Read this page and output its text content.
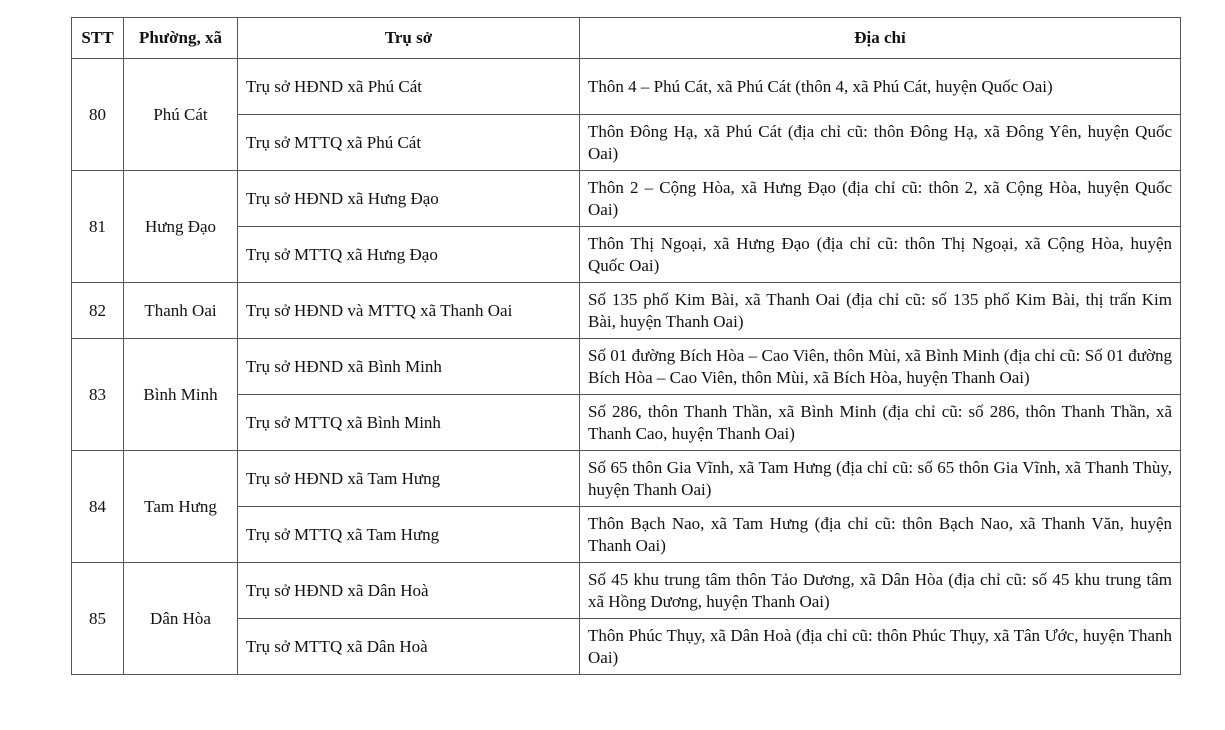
STT	Phường, xã	Trụ sở	Địa chỉ
80	Phú Cát	Trụ sở HĐND xã Phú Cát	Thôn 4 – Phú Cát, xã Phú Cát (thôn 4, xã Phú Cát, huyện Quốc Oai)
		Trụ sở MTTQ xã Phú Cát	Thôn Đông Hạ, xã Phú Cát (địa chỉ cũ: thôn Đông Hạ, xã Đông Yên, huyện Quốc Oai)
81	Hưng Đạo	Trụ sở HĐND xã Hưng Đạo	Thôn 2 – Cộng Hòa, xã Hưng Đạo (địa chỉ cũ: thôn 2, xã Cộng Hòa, huyện Quốc Oai)
		Trụ sở MTTQ xã Hưng Đạo	Thôn Thị Ngoại, xã Hưng Đạo (địa chỉ cũ: thôn Thị Ngoại, xã Cộng Hòa, huyện Quốc Oai)
82	Thanh Oai	Trụ sở HĐND và MTTQ xã Thanh Oai	Số 135 phố Kim Bài, xã Thanh Oai (địa chỉ cũ: số 135 phố Kim Bài, thị trấn Kim Bài, huyện Thanh Oai)
83	Bình Minh	Trụ sở HĐND xã Bình Minh	Số 01 đường Bích Hòa – Cao Viên, thôn Mùi, xã Bình Minh (địa chỉ cũ: Số 01 đường Bích Hòa – Cao Viên, thôn Mùi, xã Bích Hòa, huyện Thanh Oai)
		Trụ sở MTTQ xã Bình Minh	Số 286, thôn Thanh Thần, xã Bình Minh (địa chỉ cũ: số 286, thôn Thanh Thần, xã Thanh Cao, huyện Thanh Oai)
84	Tam Hưng	Trụ sở HĐND xã Tam Hưng	Số 65 thôn Gia Vĩnh, xã Tam Hưng (địa chỉ cũ: số 65 thôn Gia Vĩnh, xã Thanh Thùy, huyện Thanh Oai)
		Trụ sở MTTQ xã Tam Hưng	Thôn Bạch Nao, xã Tam Hưng (địa chỉ cũ: thôn Bạch Nao, xã Thanh Văn, huyện Thanh Oai)
85	Dân Hòa	Trụ sở HĐND xã Dân Hoà	Số 45 khu trung tâm thôn Tảo Dương, xã Dân Hòa (địa chỉ cũ: số 45 khu trung tâm xã Hồng Dương, huyện Thanh Oai)
		Trụ sở MTTQ xã Dân Hoà	Thôn Phúc Thụy, xã Dân Hoà (địa chỉ cũ: thôn Phúc Thụy, xã Tân Ước, huyện Thanh Oai)
